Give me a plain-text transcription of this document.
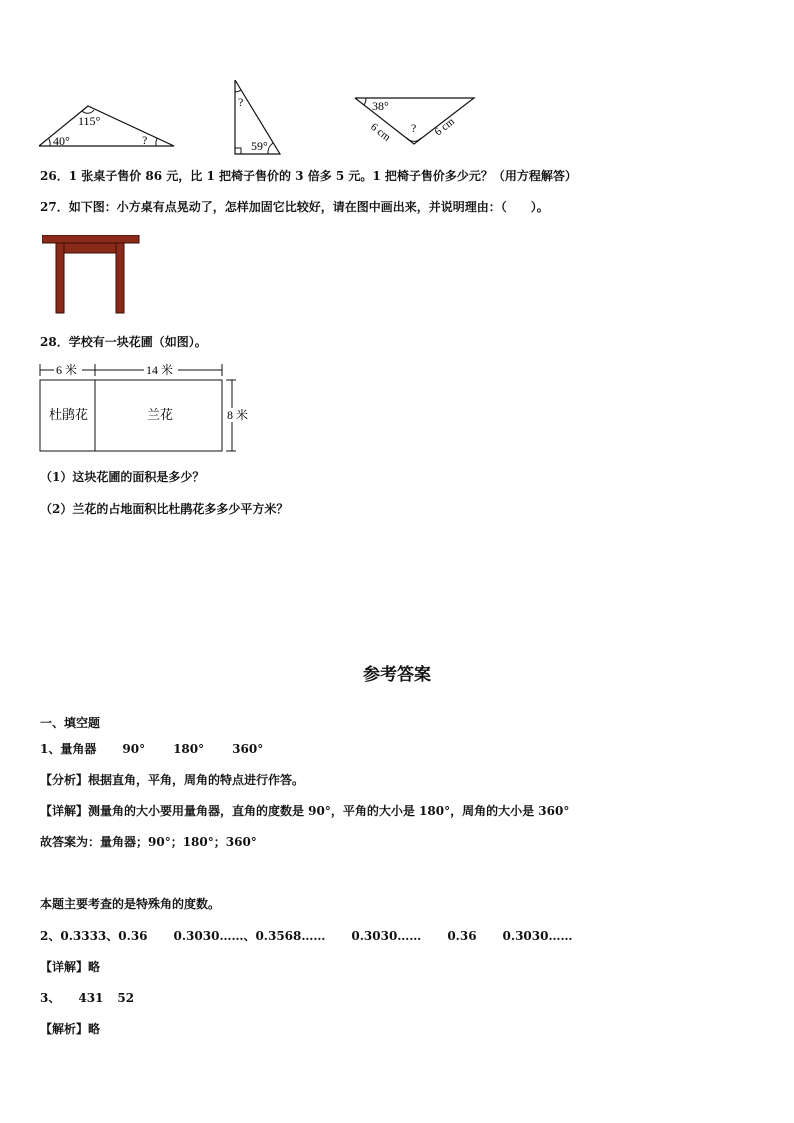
115°
40°	?
?
59°
38°
6 cm	6 cm
?
26．1 张桌子售价 86 元，比 1 把椅子售价的 3 倍多 5 元。1 把椅子售价多少元？（用方程解答）
27．如下图：小方桌有点晃动了，怎样加固它比较好，请在图中画出来，并说明理由：（　　）。
28．学校有一块花圃（如图）。
6 米	14 米
杜鹃花	兰花	8 米
（1）这块花圃的面积是多少？
（2）兰花的占地面积比杜鹃花多多少平方米？
参考答案
一、填空题
1、量角器 90° 180° 360°
【分析】根据直角，平角，周角的特点进行作答。
【详解】测量角的大小要用量角器，直角的度数是 90°，平角的大小是 180°，周角的大小是 360°
故答案为：量角器；90°；180°；360°
本题主要考查的是特殊角的度数。
2、0.3333、0.36 0.3030……、0.3568…… 0.3030…… 0.36 0.3030……
【详解】略
3、 431 52
【解析】略
